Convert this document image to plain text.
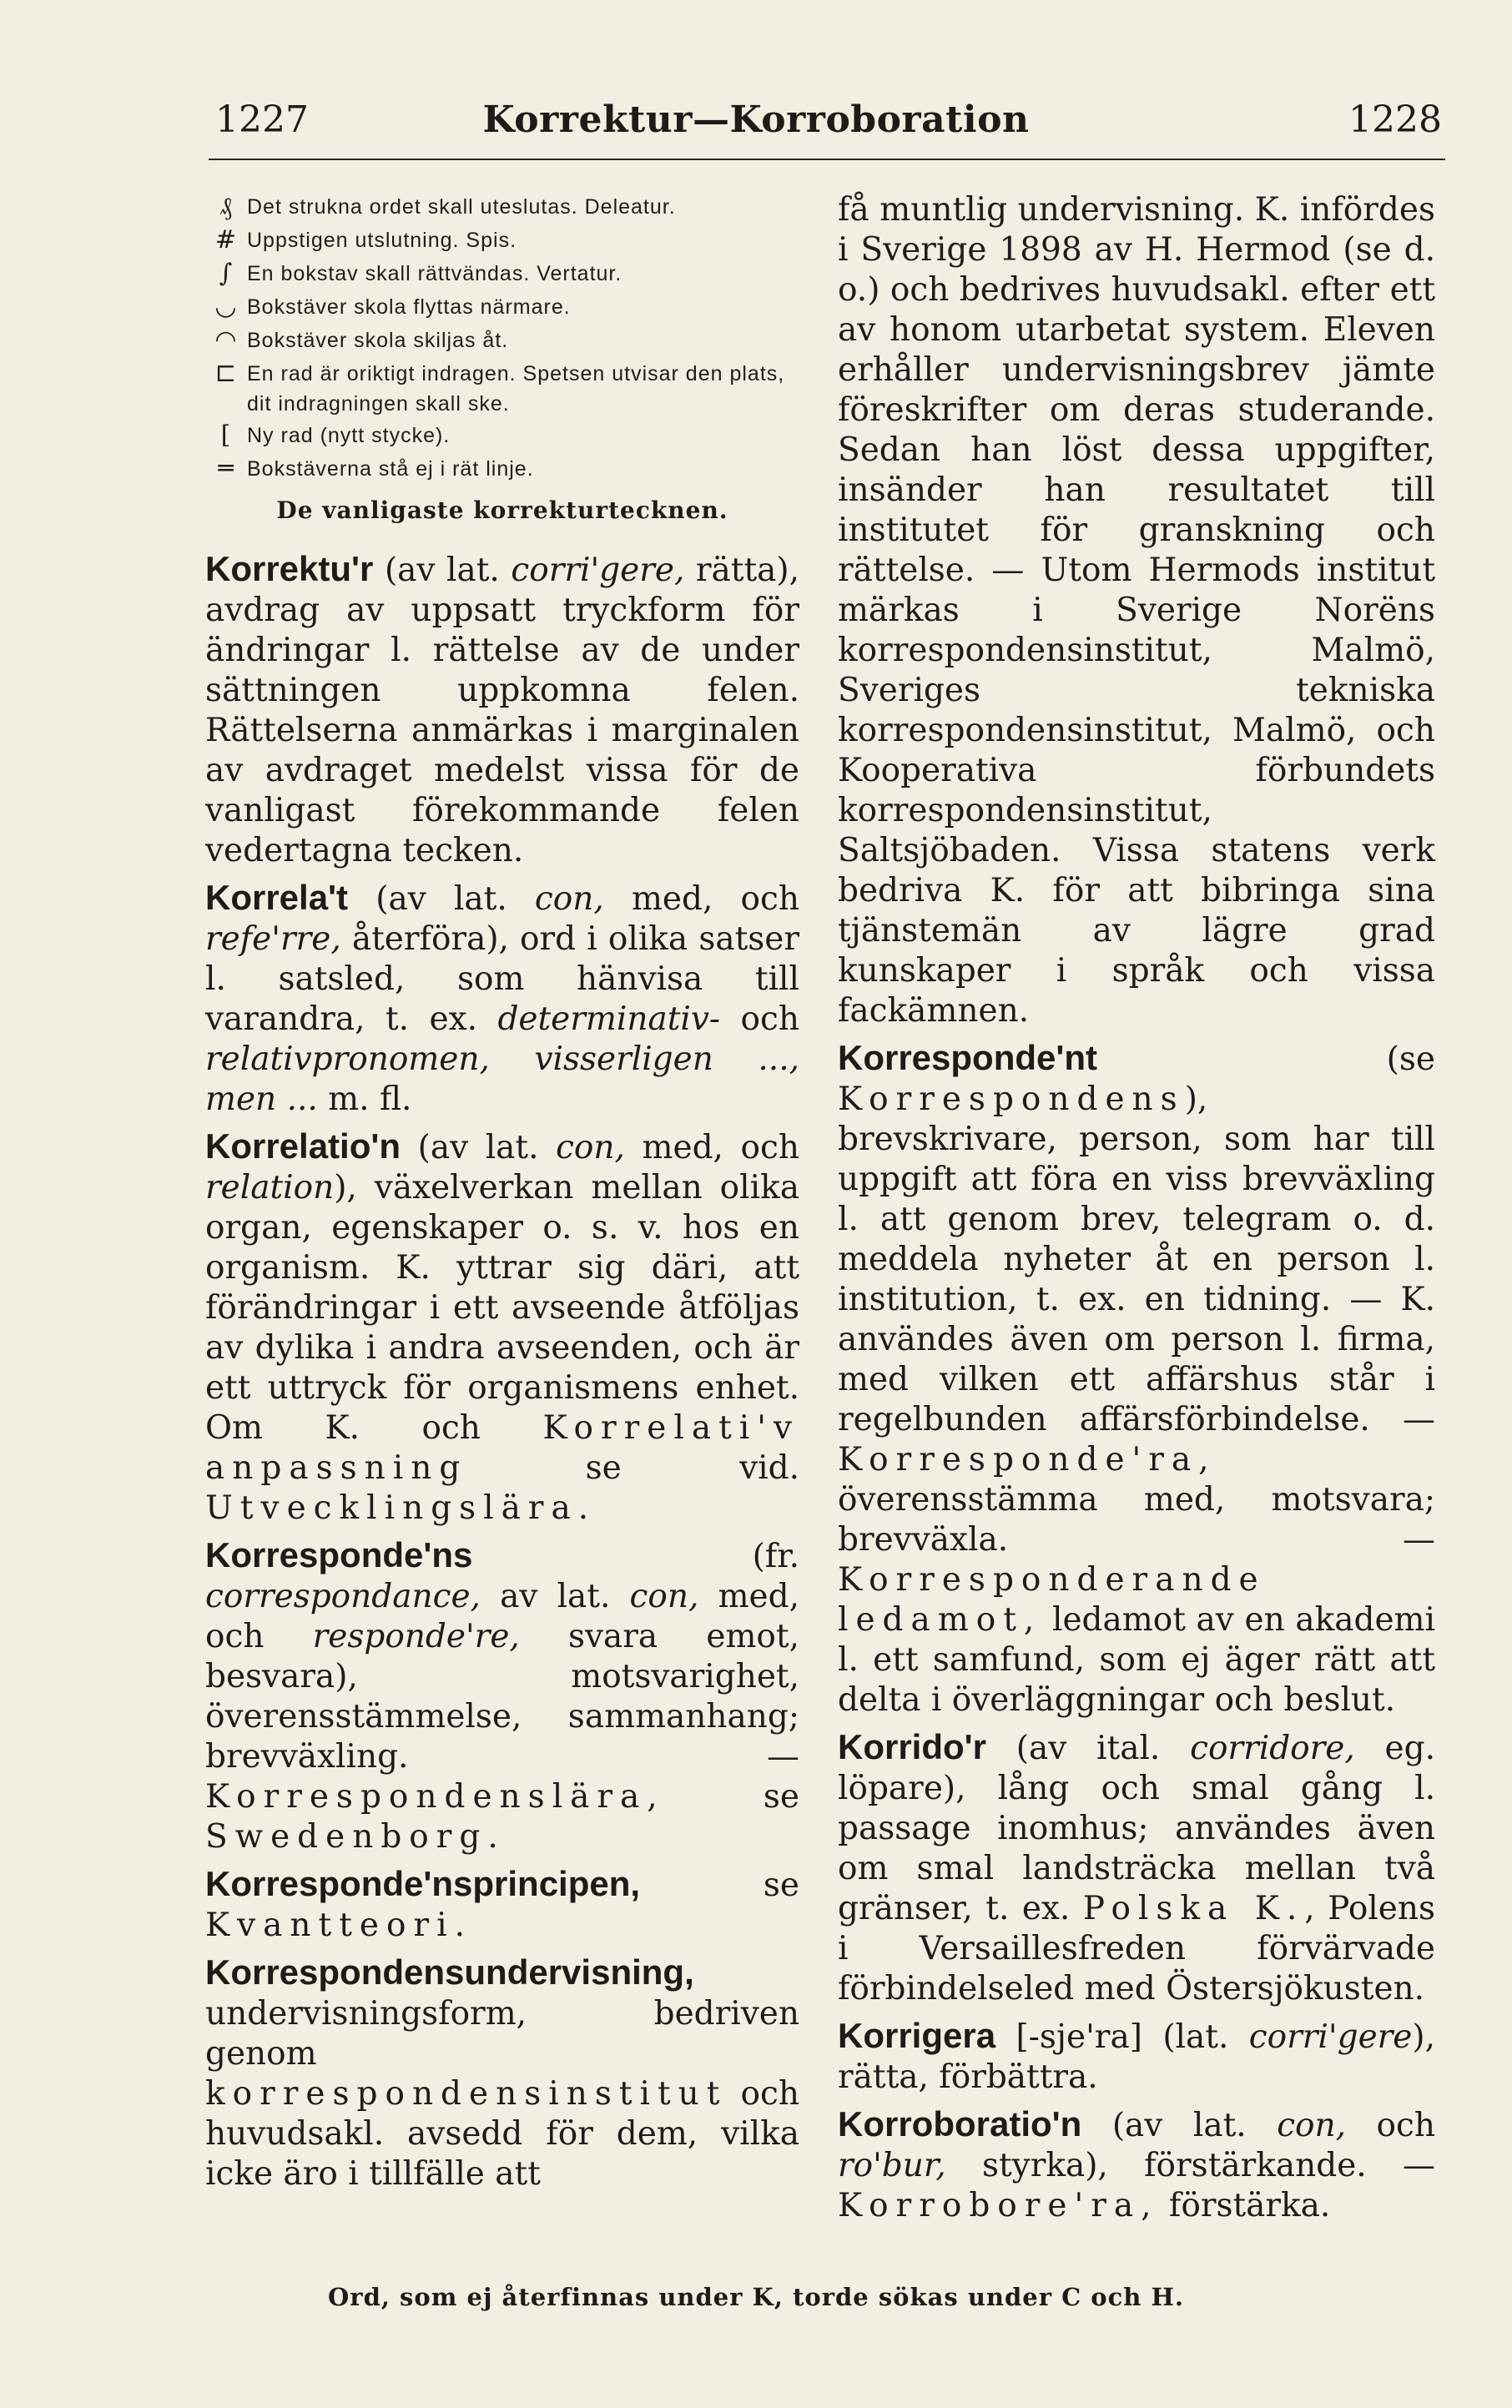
1227	Korrektur—Korroboration	1228
₰ Det strukna ordet skall uteslutas. Deleatur.
# Uppstigen utslutning. Spis.
∫ En bokstav skall rättvändas. Vertatur.
◡ Bokstäver skola flyttas närmare.
◠ Bokstäver skola skiljas åt.
⊏ En rad är oriktigt indragen. Spetsen utvisar den plats, dit indragningen skall ske.
[ Ny rad (nytt stycke).
═ Bokstäverna stå ej i rät linje.
De vanligaste korrekturtecknen.

Korrektu'r (av lat. corri'gere, rätta), avdrag av uppsatt tryckform för ändringar l. rättelse av de under sättningen uppkomna felen. Rättelserna anmärkas i marginalen av avdraget medelst vissa för de vanligast förekommande felen vedertagna tecken.

Korrela't (av lat. con, med, och refe'rre, återföra), ord i olika satser l. satsled, som hänvisa till varandra, t. ex. determinativ- och relativpronomen, visserligen ..., men ... m. fl.

Korrelatio'n (av lat. con, med, och relation), växelverkan mellan olika organ, egenskaper o. s. v. hos en organism. K. yttrar sig däri, att förändringar i ett avseende åtföljas av dylika i andra avseenden, och är ett uttryck för organismens enhet. Om K. och Korrelati'v anpassning se vid. Utvecklingslära.

Korresponde'ns (fr. correspondance, av lat. con, med, och responde're, svara emot, besvara), motsvarighet, överensstämmelse, sammanhang; brevväxling. — Korrespondenslära, se Swedenborg.

Korresponde'nsprincipen, se Kvantteori.

Korrespondensundervisning, undervisningsform, bedriven genom korrespondensinstitut och huvudsakl. avsedd för dem, vilka icke äro i tillfälle att

få muntlig undervisning. K. infördes i Sverige 1898 av H. Hermod (se d. o.) och bedrives huvudsakl. efter ett av honom utarbetat system. Eleven erhåller undervisningsbrev jämte föreskrifter om deras studerande. Sedan han löst dessa uppgifter, insänder han resultatet till institutet för granskning och rättelse. — Utom Hermods institut märkas i Sverige Norëns korrespondensinstitut, Malmö, Sveriges tekniska korrespondensinstitut, Malmö, och Kooperativa förbundets korrespondensinstitut, Saltsjöbaden. Vissa statens verk bedriva K. för att bibringa sina tjänstemän av lägre grad kunskaper i språk och vissa fackämnen.

Korresponde'nt (se Korrespondens), brevskrivare, person, som har till uppgift att föra en viss brevväxling l. att genom brev, telegram o. d. meddela nyheter åt en person l. institution, t. ex. en tidning. — K. användes även om person l. firma, med vilken ett affärshus står i regelbunden affärsförbindelse. — Korresponde'ra, överensstämma med, motsvara; brevväxla. — Korresponderande ledamot, ledamot av en akademi l. ett samfund, som ej äger rätt att delta i överläggningar och beslut.

Korrido'r (av ital. corridore, eg. löpare), lång och smal gång l. passage inomhus; användes även om smal landsträcka mellan två gränser, t. ex. Polska K., Polens i Versaillesfreden förvärvade förbindelseled med Östersjökusten.

Korrigera [-sje'ra] (lat. corri'gere), rätta, förbättra.

Korroboratio'n (av lat. con, och ro'bur, styrka), förstärkande. — Korrobore'ra, förstärka.

Ord, som ej återfinnas under K, torde sökas under C och H.
